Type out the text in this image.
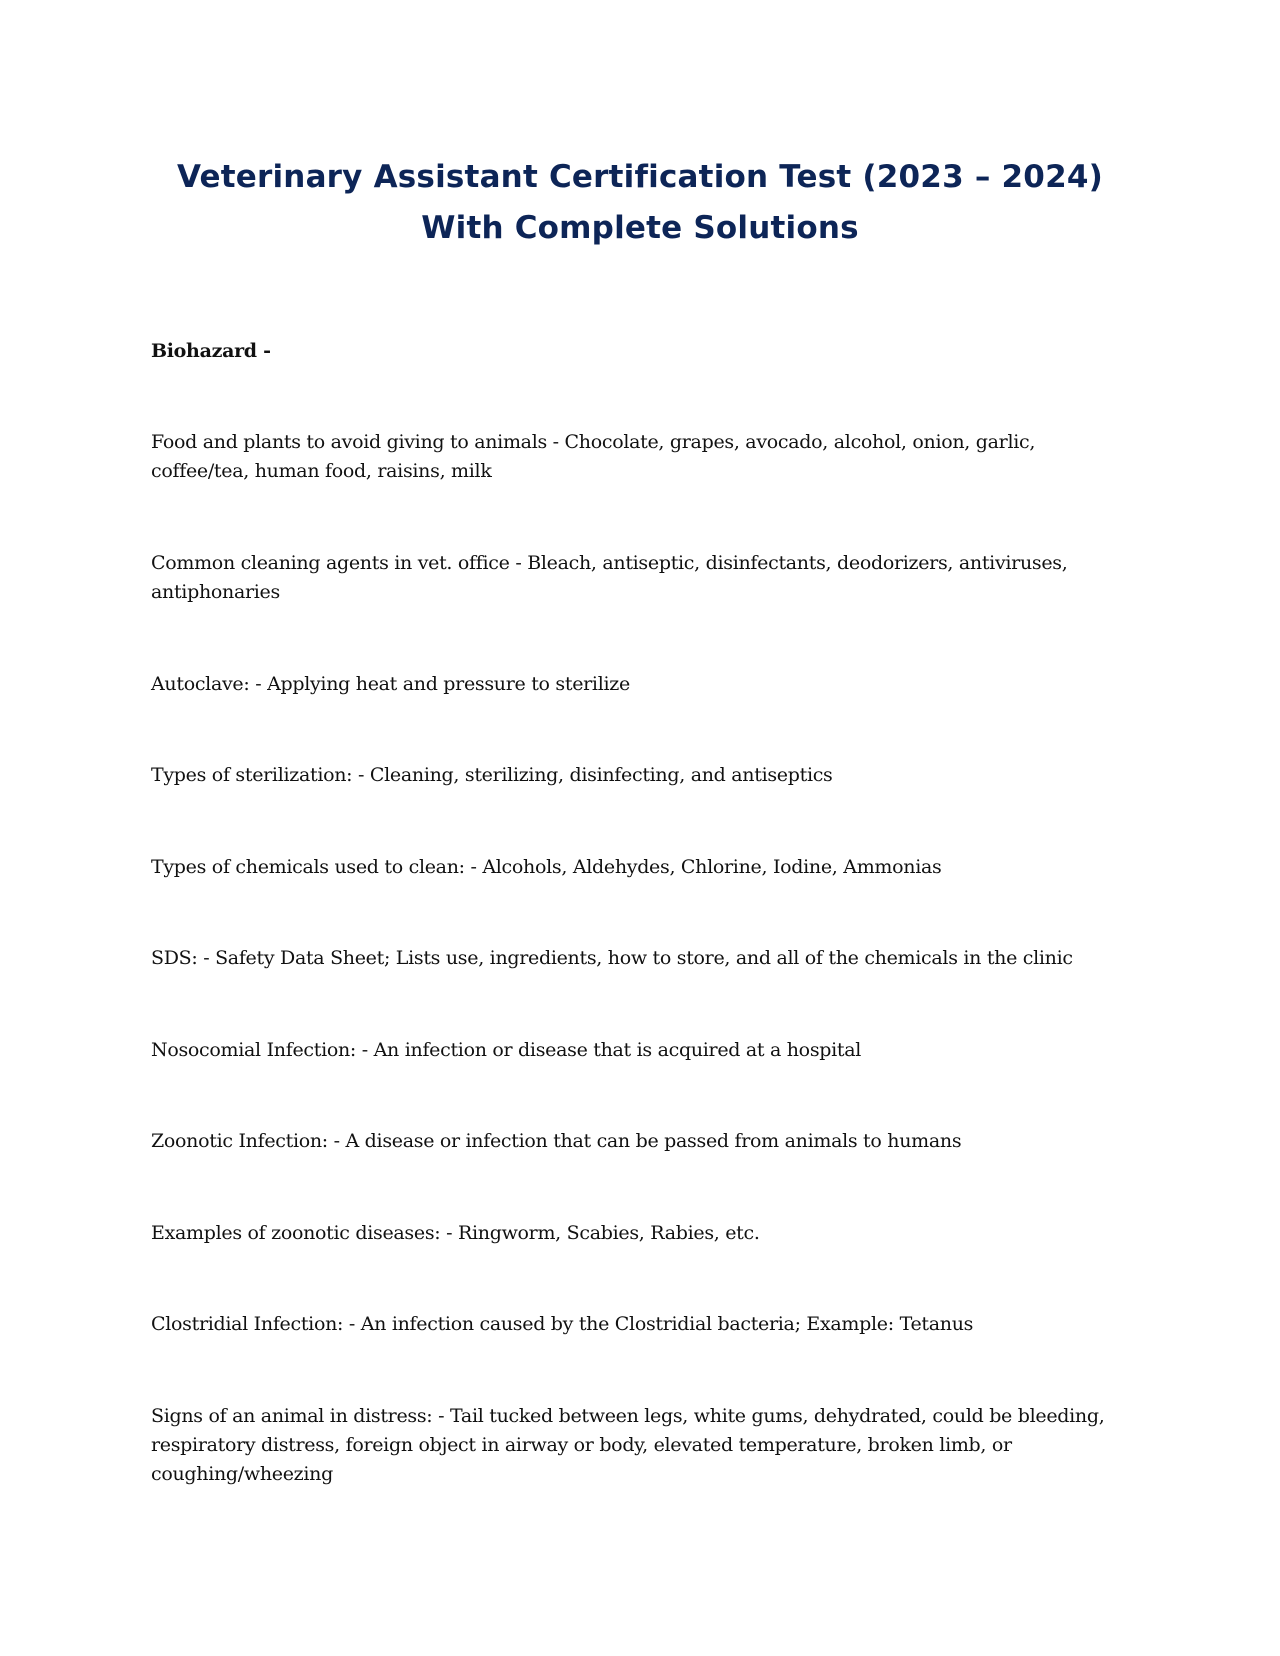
Veterinary Assistant Certification Test (2023 – 2024)
With Complete Solutions

Biohazard -

Food and plants to avoid giving to animals - Chocolate, grapes, avocado, alcohol, onion, garlic, coffee/tea, human food, raisins, milk

Common cleaning agents in vet. office - Bleach, antiseptic, disinfectants, deodorizers, antiviruses, antiphonaries

Autoclave: - Applying heat and pressure to sterilize

Types of sterilization: - Cleaning, sterilizing, disinfecting, and antiseptics

Types of chemicals used to clean: - Alcohols, Aldehydes, Chlorine, Iodine, Ammonias

SDS: - Safety Data Sheet; Lists use, ingredients, how to store, and all of the chemicals in the clinic

Nosocomial Infection: - An infection or disease that is acquired at a hospital

Zoonotic Infection: - A disease or infection that can be passed from animals to humans

Examples of zoonotic diseases: - Ringworm, Scabies, Rabies, etc.

Clostridial Infection: - An infection caused by the Clostridial bacteria; Example: Tetanus

Signs of an animal in distress: - Tail tucked between legs, white gums, dehydrated, could be bleeding, respiratory distress, foreign object in airway or body, elevated temperature, broken limb, or coughing/wheezing
